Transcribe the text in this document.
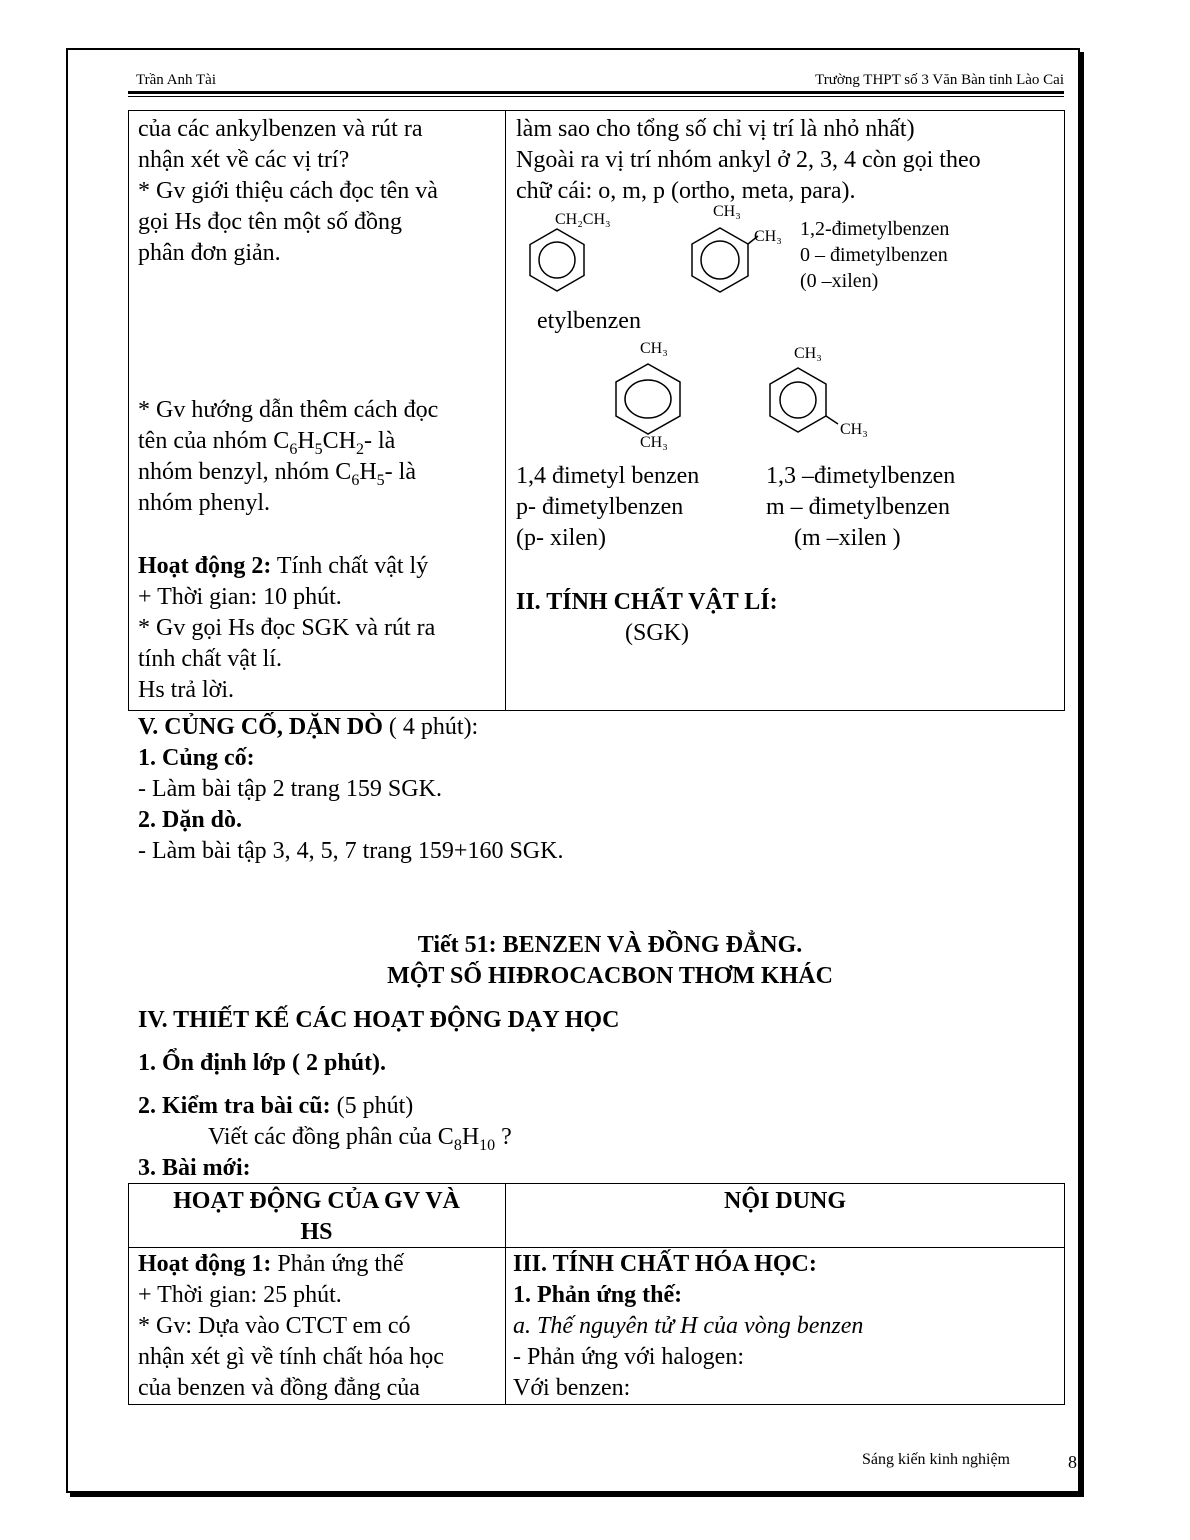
Trần Anh Tài	Trường THPT số 3 Văn Bàn tỉnh Lào Cai
của các ankylbenzen và rút ra
nhận xét về các vị trí?
* Gv giới thiệu cách đọc tên và
gọi Hs đọc tên một số đồng
phân đơn giản.
* Gv hướng dẫn thêm cách đọc
tên của nhóm $C_6H_5CH_2-$ là
nhóm benzyl, nhóm $C_6H_5-$ là
nhóm phenyl.
Hoạt động 2: Tính chất vật lý
+ Thời gian: 10 phút.
* Gv gọi Hs đọc SGK và rút ra
tính chất vật lí.
Hs trả lời.
làm sao cho tổng số chỉ vị trí là nhỏ nhất)
Ngoài ra vị trí nhóm ankyl ở 2, 3, 4 còn gọi theo
chữ cái: o, m, p (ortho, meta, para).
CH₂CH₃
etylbenzen
CH₃
CH₃ 1,2-đimetylbenzen
0 – đimetylbenzen
(0 –xilen)
CH₃
CH₃
CH₃
CH₃
1,4 đimetyl benzen
p- đimetylbenzen
(p- xilen)
1,3 –đimetylbenzen
m – đimetylbenzen
(m –xilen )
II. TÍNH CHẤT VẬT LÍ:
(SGK)
V. CỦNG CỐ, DẶN DÒ ( 4 phút):
1. Củng cố:
- Làm bài tập 2 trang 159 SGK.
2. Dặn dò.
- Làm bài tập 3, 4, 5, 7 trang 159+160 SGK.
Tiết 51: BENZEN VÀ ĐỒNG ĐẲNG.
MỘT SỐ HIĐROCACBON THƠM KHÁC
IV. THIẾT KẾ CÁC HOẠT ĐỘNG DẠY HỌC
1. Ổn định lớp ( 2 phút).
2. Kiểm tra bài cũ: (5 phút)
Viết các đồng phân của $C_8H_{10}$ ?
3. Bài mới:
HOẠT ĐỘNG CỦA GV VÀ
HS
NỘI DUNG
Hoạt động 1: Phản ứng thế
+ Thời gian: 25 phút.
* Gv: Dựa vào CTCT em có
nhận xét gì về tính chất hóa học
của benzen và đồng đẳng của
III. TÍNH CHẤT HÓA HỌC:
1. Phản ứng thế:
a. Thế nguyên tử H của vòng benzen
- Phản ứng với halogen:
Với benzen:
Sáng kiến kinh nghiệm	8
